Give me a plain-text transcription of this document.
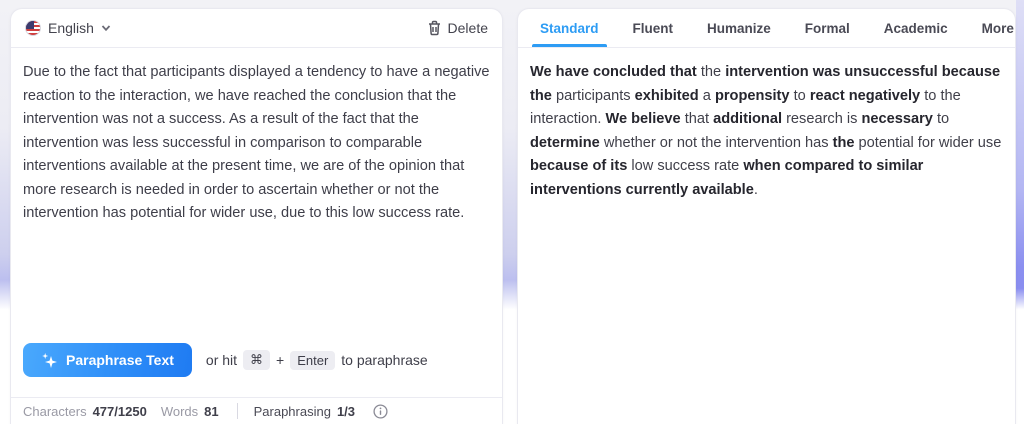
English	Delete
Due to the fact that participants displayed a tendency to have a negative reaction to the interaction, we have reached the conclusion that the intervention was not a success. As a result of the fact that the intervention was less successful in comparison to comparable interventions available at the present time, we are of the opinion that more research is needed in order to ascertain whether or not the intervention has potential for wider use, due to this low success rate.
Paraphrase Text or hit	⌘ +	Enter to paraphrase
Characters 477/1250 Words 81	Paraphrasing 1/3
Standard	Fluent	Humanize	Formal	Academic	More
We have concluded that the intervention was unsuccessful because the participants exhibited a propensity to react negatively to the interaction. We believe that additional research is necessary to determine whether or not the intervention has the potential for wider use because of its low success rate when compared to similar interventions currently available.
